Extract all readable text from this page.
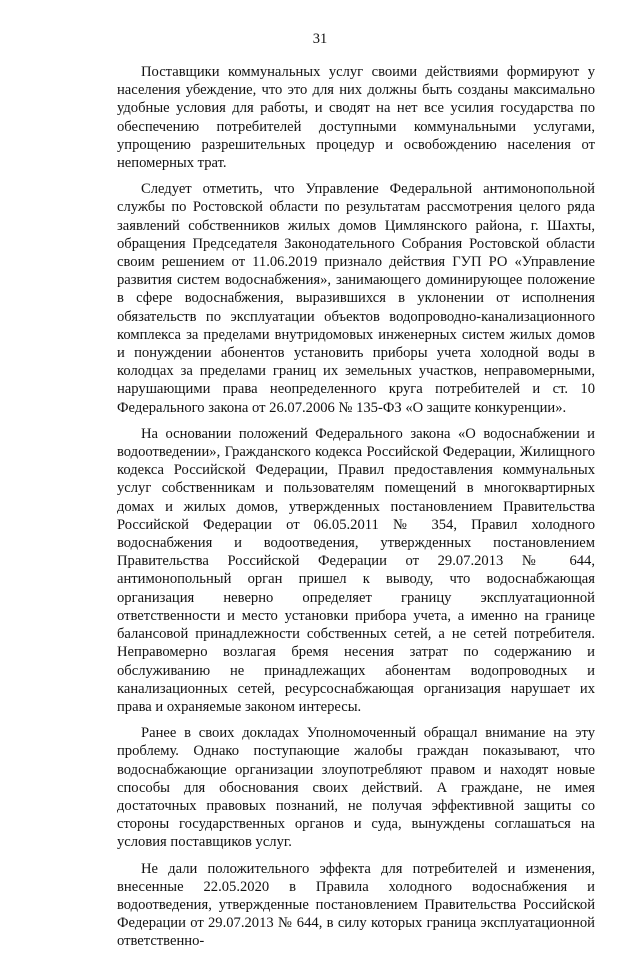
31

Поставщики коммунальных услуг своими действиями формируют у населения убеждение, что это для них должны быть созданы максимально удобные условия для работы, и сводят на нет все усилия государства по обеспечению потребителей доступными коммунальными услугами, упрощению разрешительных процедур и освобождению населения от непомерных трат.

Следует отметить, что Управление Федеральной антимонопольной службы по Ростовской области по результатам рассмотрения целого ряда заявлений собственников жилых домов Цимлянского района, г. Шахты, обращения Председателя Законодательного Собрания Ростовской области своим решением от 11.06.2019 признало действия ГУП РО «Управление развития систем водоснабжения», занимающего доминирующее положение в сфере водоснабжения, выразившихся в уклонении от исполнения обязательств по эксплуатации объектов водопроводно-канализационного комплекса за пределами внутридомовых инженерных систем жилых домов и понуждении абонентов установить приборы учета холодной воды в колодцах за пределами границ их земельных участков, неправомерными, нарушающими права неопределенного круга потребителей и ст. 10 Федерального закона от 26.07.2006 № 135-ФЗ «О защите конкуренции».

На основании положений Федерального закона «О водоснабжении и водоотведении», Гражданского кодекса Российской Федерации, Жилищного кодекса Российской Федерации, Правил предоставления коммунальных услуг собственникам и пользователям помещений в многоквартирных домах и жилых домов, утвержденных постановлением Правительства Российской Федерации от 06.05.2011 № 354, Правил холодного водоснабжения и водоотведения, утвержденных постановлением Правительства Российской Федерации от 29.07.2013 № 644, антимонопольный орган пришел к выводу, что водоснабжающая организация неверно определяет границу эксплуатационной ответственности и место установки прибора учета, а именно на границе балансовой принадлежности собственных сетей, а не сетей потребителя. Неправомерно возлагая бремя несения затрат по содержанию и обслуживанию не принадлежащих абонентам водопроводных и канализационных сетей, ресурсоснабжающая организация нарушает их права и охраняемые законом интересы.

Ранее в своих докладах Уполномоченный обращал внимание на эту проблему. Однако поступающие жалобы граждан показывают, что водоснабжающие организации злоупотребляют правом и находят новые способы для обоснования своих действий. А граждане, не имея достаточных правовых познаний, не получая эффективной защиты со стороны государственных органов и суда, вынуждены соглашаться на условия поставщиков услуг.

Не дали положительного эффекта для потребителей и изменения, внесенные 22.05.2020 в Правила холодного водоснабжения и водоотведения, утвержденные постановлением Правительства Российской Федерации от 29.07.2013 № 644, в силу которых граница эксплуатационной ответственно-
